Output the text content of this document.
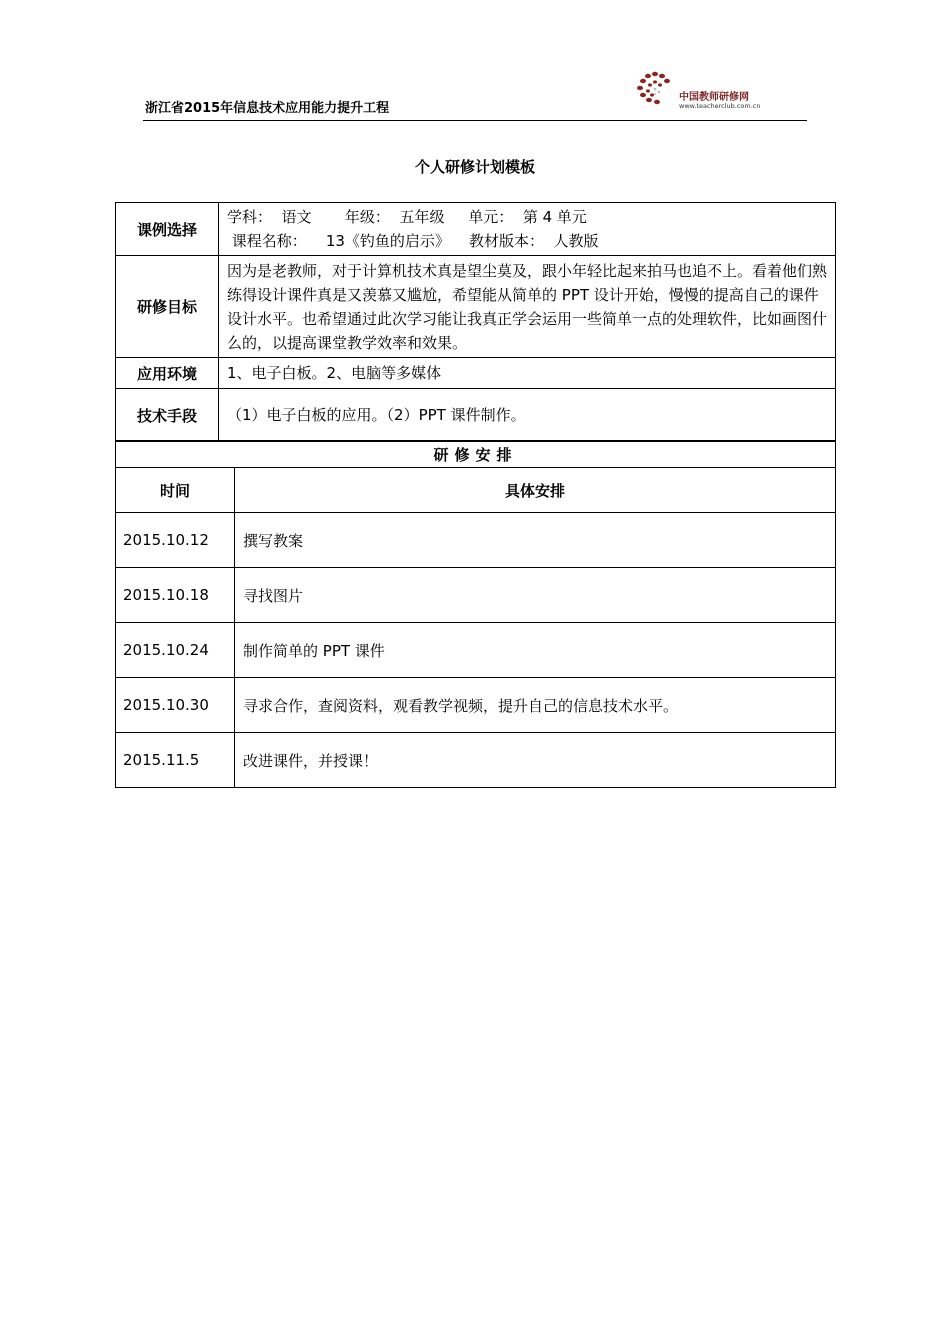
浙江省2015年信息技术应用能力提升工程
中国教师研修网
www.teacherclub.com.cn
个人研修计划模板
课例选择	学科：  语文       年级：  五年级     单元：  第 4 单元
课程名称：    13《钓鱼的启示》    教材版本：  人教版

研修目标	因为是老教师，对于计算机技术真是望尘莫及，跟小年轻比起来拍马也追不上。看着他们熟练得设计课件真是又羡慕又尴尬，希望能从简单的 PPT 设计开始，慢慢的提高自己的课件设计水平。也希望通过此次学习能让我真正学会运用一些简单一点的处理软件，比如画图什么的，以提高课堂教学效率和效果。
应用环境	1、电子白板。2、电脑等多媒体
技术手段	（1）电子白板的应用。（2）PPT 课件制作。
研修安排	
时间	具体安排
2015.10.12	撰写教案
2015.10.18	寻找图片
2015.10.24	制作简单的 PPT 课件
2015.10.30	寻求合作，查阅资料，观看教学视频，提升自己的信息技术水平。
2015.11.5	改进课件，并授课！
